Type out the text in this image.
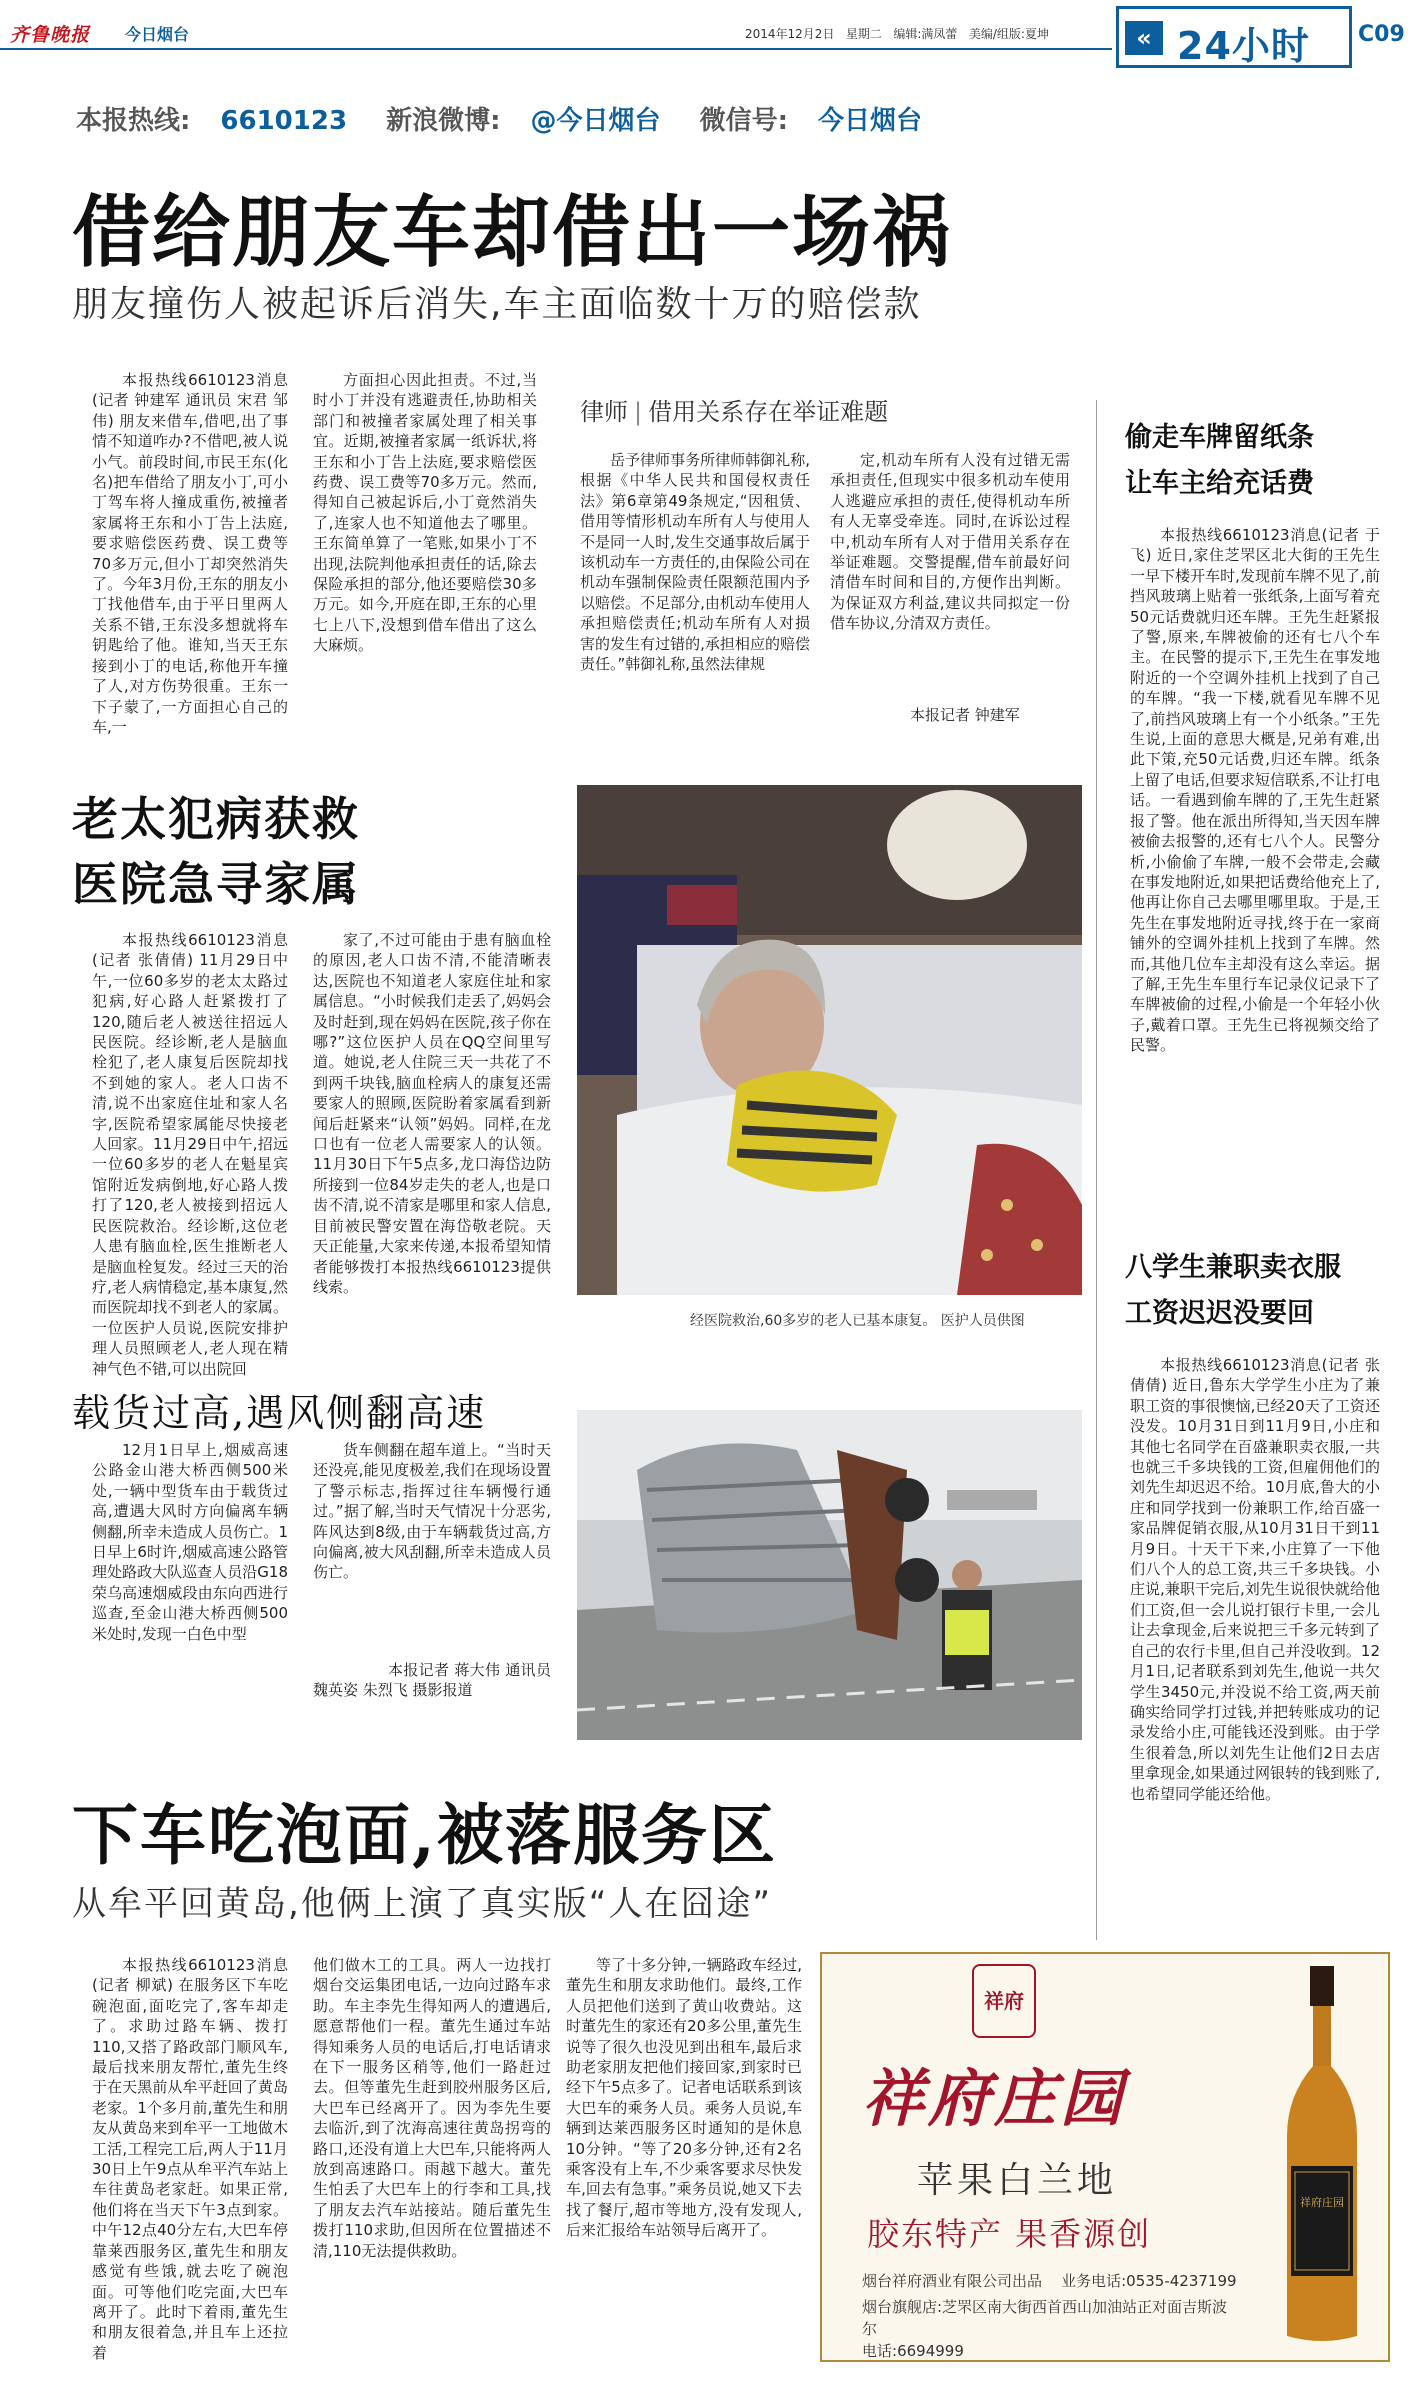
齐鲁晚报 今日烟台	2014年12月2日 星期二 编辑:满凤蕾 美编/组版:夏坤	« 24小时 C09
本报热线: 6610123 新浪微博: @今日烟台 微信号: 今日烟台
借给朋友车却借出一场祸
朋友撞伤人被起诉后消失,车主面临数十万的赔偿款

本报热线6610123消息(记者 钟建军 通讯员 宋君 邹伟) 朋友来借车,借吧,出了事情不知道咋办?不借吧,被人说小气。前段时间,市民王东(化名)把车借给了朋友小丁,可小丁驾车将人撞成重伤,被撞者家属将王东和小丁告上法庭,要求赔偿医药费、误工费等70多万元,但小丁却突然消失了。今年3月份,王东的朋友小丁找他借车,由于平日里两人关系不错,王东没多想就将车钥匙给了他。谁知,当天王东接到小丁的电话,称他开车撞了人,对方伤势很重。王东一下子蒙了,一方面担心自己的车,一

方面担心因此担责。不过,当时小丁并没有逃避责任,协助相关部门和被撞者家属处理了相关事宜。近期,被撞者家属一纸诉状,将王东和小丁告上法庭,要求赔偿医药费、误工费等70多万元。然而,得知自己被起诉后,小丁竟然消失了,连家人也不知道他去了哪里。王东简单算了一笔账,如果小丁不出现,法院判他承担责任的话,除去保险承担的部分,他还要赔偿30多万元。如今,开庭在即,王东的心里七上八下,没想到借车借出了这么大麻烦。

律师 | 借用关系存在举证难题

岳予律师事务所律师韩御礼称,根据《中华人民共和国侵权责任法》第6章第49条规定,“因租赁、借用等情形机动车所有人与使用人不是同一人时,发生交通事故后属于该机动车一方责任的,由保险公司在机动车强制保险责任限额范围内予以赔偿。不足部分,由机动车使用人承担赔偿责任;机动车所有人对损害的发生有过错的,承担相应的赔偿责任。”韩御礼称,虽然法律规

定,机动车所有人没有过错无需承担责任,但现实中很多机动车使用人逃避应承担的责任,使得机动车所有人无辜受牵连。同时,在诉讼过程中,机动车所有人对于借用关系存在举证难题。交警提醒,借车前最好问清借车时间和目的,方便作出判断。为保证双方利益,建议共同拟定一份借车协议,分清双方责任。

本报记者 钟建军
老太犯病获救
医院急寻家属

本报热线6610123消息(记者 张倩倩) 11月29日中午,一位60多岁的老太太路过犯病,好心路人赶紧拨打了120,随后老人被送往招远人民医院。经诊断,老人是脑血栓犯了,老人康复后医院却找不到她的家人。老人口齿不清,说不出家庭住址和家人名字,医院希望家属能尽快接老人回家。11月29日中午,招远一位60多岁的老人在魁星宾馆附近发病倒地,好心路人拨打了120,老人被接到招远人民医院救治。经诊断,这位老人患有脑血栓,医生推断老人是脑血栓复发。经过三天的治疗,老人病情稳定,基本康复,然而医院却找不到老人的家属。一位医护人员说,医院安排护理人员照顾老人,老人现在精神气色不错,可以出院回

家了,不过可能由于患有脑血栓的原因,老人口齿不清,不能清晰表达,医院也不知道老人家庭住址和家属信息。“小时候我们走丢了,妈妈会及时赶到,现在妈妈在医院,孩子你在哪?”这位医护人员在QQ空间里写道。她说,老人住院三天一共花了不到两千块钱,脑血栓病人的康复还需要家人的照顾,医院盼着家属看到新闻后赶紧来“认领”妈妈。同样,在龙口也有一位老人需要家人的认领。11月30日下午5点多,龙口海岱边防所接到一位84岁走失的老人,也是口齿不清,说不清家是哪里和家人信息,目前被民警安置在海岱敬老院。天天正能量,大家来传递,本报希望知情者能够拨打本报热线6610123提供线索。

经医院救治,60多岁的老人已基本康复。 医护人员供图
载货过高,遇风侧翻高速

12月1日早上,烟威高速公路金山港大桥西侧500米处,一辆中型货车由于载货过高,遭遇大风时方向偏离车辆侧翻,所幸未造成人员伤亡。1日早上6时许,烟威高速公路管理处路政大队巡查人员沿G18荣乌高速烟威段由东向西进行巡查,至金山港大桥西侧500米处时,发现一白色中型

货车侧翻在超车道上。“当时天还没亮,能见度极差,我们在现场设置了警示标志,指挥过往车辆慢行通过。”据了解,当时天气情况十分恶劣,阵风达到8级,由于车辆载货过高,方向偏离,被大风刮翻,所幸未造成人员伤亡。

本报记者 蒋大伟 通讯员 魏英姿 朱烈飞 摄影报道

下车吃泡面,被落服务区
从牟平回黄岛,他俩上演了真实版“人在囧途”

本报热线6610123消息(记者 柳斌) 在服务区下车吃碗泡面,面吃完了,客车却走了。求助过路车辆、拨打110,又搭了路政部门顺风车,最后找来朋友帮忙,董先生终于在天黑前从牟平赶回了黄岛老家。1个多月前,董先生和朋友从黄岛来到牟平一工地做木工活,工程完工后,两人于11月30日上午9点从牟平汽车站上车往黄岛老家赶。如果正常,他们将在当天下午3点到家。中午12点40分左右,大巴车停靠莱西服务区,董先生和朋友感觉有些饿,就去吃了碗泡面。可等他们吃完面,大巴车离开了。此时下着雨,董先生和朋友很着急,并且车上还拉着

他们做木工的工具。两人一边找打烟台交运集团电话,一边向过路车求助。车主李先生得知两人的遭遇后,愿意帮他们一程。董先生通过车站得知乘务人员的电话后,打电话请求在下一服务区稍等,他们一路赶过去。但等董先生赶到胶州服务区后,大巴车已经离开了。因为李先生要去临沂,到了沈海高速往黄岛拐弯的路口,还没有道上大巴车,只能将两人放到高速路口。雨越下越大。董先生怕丢了大巴车上的行李和工具,找了朋友去汽车站接站。随后董先生拨打110求助,但因所在位置描述不清,110无法提供救助。

等了十多分钟,一辆路政车经过,董先生和朋友求助他们。最终,工作人员把他们送到了黄山收费站。这时董先生的家还有20多公里,董先生说等了很久也没见到出租车,最后求助老家朋友把他们接回家,到家时已经下午5点多了。记者电话联系到该大巴车的乘务人员。乘务人员说,车辆到达莱西服务区时通知的是休息10分钟。“等了20多分钟,还有2名乘客没有上车,不少乘客要求尽快发车,回去有急事。”乘务员说,她又下去找了餐厅,超市等地方,没有发现人,后来汇报给车站领导后离开了。

偷走车牌留纸条
让车主给充话费

本报热线6610123消息(记者 于飞) 近日,家住芝罘区北大街的王先生一早下楼开车时,发现前车牌不见了,前挡风玻璃上贴着一张纸条,上面写着充50元话费就归还车牌。王先生赶紧报了警,原来,车牌被偷的还有七八个车主。在民警的提示下,王先生在事发地附近的一个空调外挂机上找到了自己的车牌。“我一下楼,就看见车牌不见了,前挡风玻璃上有一个小纸条。”王先生说,上面的意思大概是,兄弟有难,出此下策,充50元话费,归还车牌。纸条上留了电话,但要求短信联系,不让打电话。一看遇到偷车牌的了,王先生赶紧报了警。他在派出所得知,当天因车牌被偷去报警的,还有七八个人。民警分析,小偷偷了车牌,一般不会带走,会藏在事发地附近,如果把话费给他充上了,他再让你自己去哪里哪里取。于是,王先生在事发地附近寻找,终于在一家商铺外的空调外挂机上找到了车牌。然而,其他几位车主却没有这么幸运。据了解,王先生车里行车记录仪记录下了车牌被偷的过程,小偷是一个年轻小伙子,戴着口罩。王先生已将视频交给了民警。

八学生兼职卖衣服
工资迟迟没要回

本报热线6610123消息(记者 张倩倩) 近日,鲁东大学学生小庄为了兼职工资的事很懊恼,已经20天了工资还没发。10月31日到11月9日,小庄和其他七名同学在百盛兼职卖衣服,一共也就三千多块钱的工资,但雇佣他们的刘先生却迟迟不给。10月底,鲁大的小庄和同学找到一份兼职工作,给百盛一家品牌促销衣服,从10月31日干到11月9日。十天干下来,小庄算了一下他们八个人的总工资,共三千多块钱。小庄说,兼职干完后,刘先生说很快就给他们工资,但一会儿说打银行卡里,一会儿让去拿现金,后来说把三千多元转到了自己的农行卡里,但自己并没收到。12月1日,记者联系到刘先生,他说一共欠学生3450元,并没说不给工资,两天前确实给同学打过钱,并把转账成功的记录发给小庄,可能钱还没到账。由于学生很着急,所以刘先生让他们2日去店里拿现金,如果通过网银转的钱到账了,也希望同学能还给他。

祥府
祥府庄园
苹果白兰地
胶东特产 果香源创
烟台祥府酒业有限公司出品 业务电话:0535-4237199
烟台旗舰店:芝罘区南大街西首西山加油站正对面吉斯波尔
电话:6694999
祥府庄园
